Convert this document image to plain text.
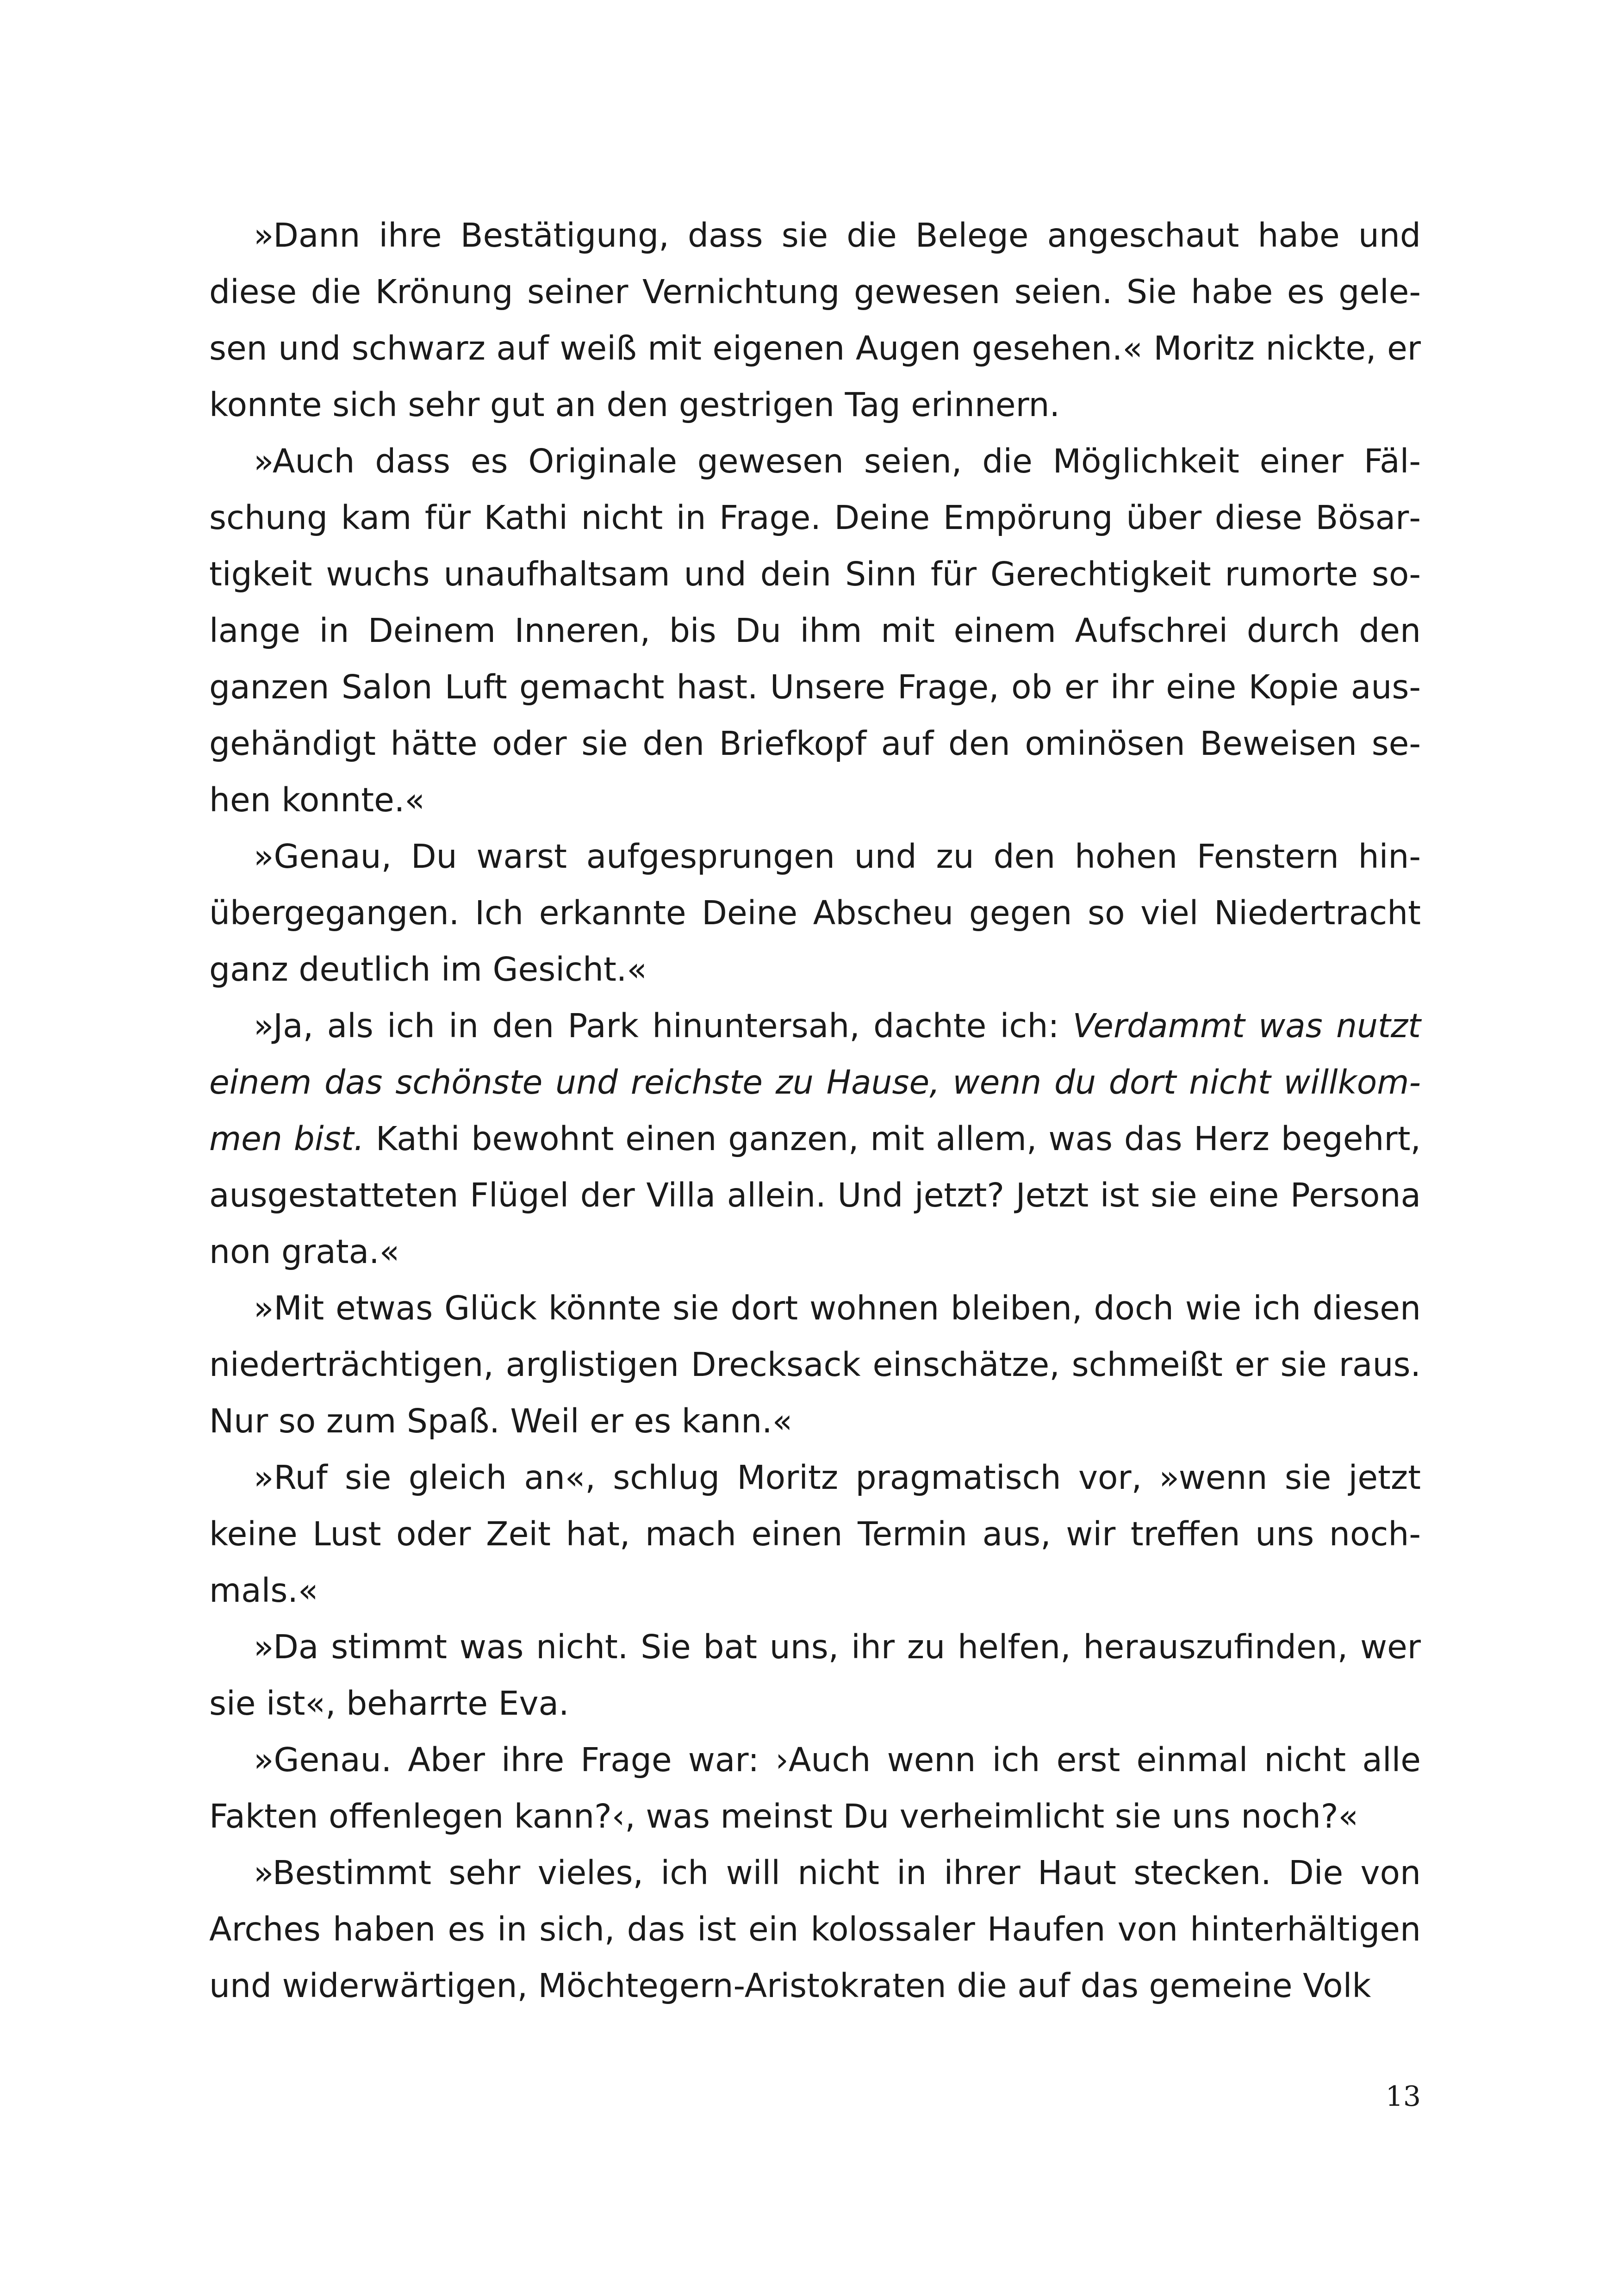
»Dann ihre Bestätigung, dass sie die Belege angeschaut habe und diese die Krönung seiner Vernichtung gewesen seien. Sie habe es gelesen und schwarz auf weiß mit eigenen Augen gesehen.« Moritz nickte, er konnte sich sehr gut an den gestrigen Tag erinnern.

»Auch dass es Originale gewesen seien, die Möglichkeit einer Fälschung kam für Kathi nicht in Frage. Deine Empörung über diese Bösartigkeit wuchs unaufhaltsam und dein Sinn für Gerechtigkeit rumorte solange in Deinem Inneren, bis Du ihm mit einem Aufschrei durch den ganzen Salon Luft gemacht hast. Unsere Frage, ob er ihr eine Kopie ausgehändigt hätte oder sie den Briefkopf auf den ominösen Beweisen sehen konnte.«

»Genau, Du warst aufgesprungen und zu den hohen Fenstern hinübergegangen. Ich erkannte Deine Abscheu gegen so viel Niedertracht ganz deutlich im Gesicht.«

»Ja, als ich in den Park hinuntersah, dachte ich: Verdammt was nutzt einem das schönste und reichste zu Hause, wenn du dort nicht willkommen bist. Kathi bewohnt einen ganzen, mit allem, was das Herz begehrt, ausgestatteten Flügel der Villa allein. Und jetzt? Jetzt ist sie eine Persona non grata.«

»Mit etwas Glück könnte sie dort wohnen bleiben, doch wie ich diesen niederträchtigen, arglistigen Drecksack einschätze, schmeißt er sie raus. Nur so zum Spaß. Weil er es kann.«

»Ruf sie gleich an«, schlug Moritz pragmatisch vor, »wenn sie jetzt keine Lust oder Zeit hat, mach einen Termin aus, wir treffen uns nochmals.«

»Da stimmt was nicht. Sie bat uns, ihr zu helfen, herauszufinden, wer sie ist«, beharrte Eva.

»Genau. Aber ihre Frage war: ›Auch wenn ich erst einmal nicht alle Fakten offenlegen kann?‹, was meinst Du verheimlicht sie uns noch?«

»Bestimmt sehr vieles, ich will nicht in ihrer Haut stecken. Die von Arches haben es in sich, das ist ein kolossaler Haufen von hinterhältigen und widerwärtigen, Möchtegern-Aristokraten die auf das gemeine Volk

13
